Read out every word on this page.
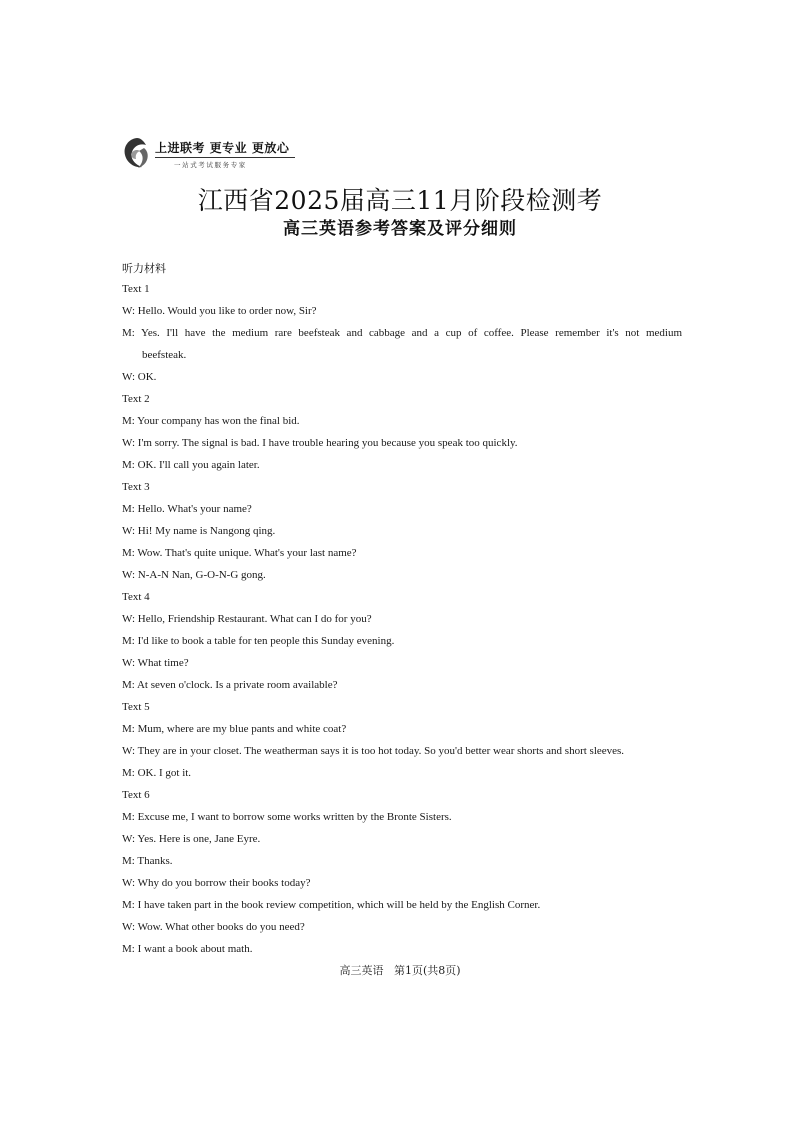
上进联考 更专业 更放心
一站式考试服务专家
江西省2025届高三11月阶段检测考
高三英语参考答案及评分细则
听力材料
Text 1
W: Hello. Would you like to order now, Sir?
M: Yes. I'll have the medium rare beefsteak and cabbage and a cup of coffee. Please remember it's not medium
beefsteak.
W: OK.
Text 2
M: Your company has won the final bid.
W: I'm sorry. The signal is bad. I have trouble hearing you because you speak too quickly.
M: OK. I'll call you again later.
Text 3
M: Hello. What's your name?
W: Hi! My name is Nangong qing.
M: Wow. That's quite unique. What's your last name?
W: N-A-N Nan, G-O-N-G gong.
Text 4
W: Hello, Friendship Restaurant. What can I do for you?
M: I'd like to book a table for ten people this Sunday evening.
W: What time?
M: At seven o'clock. Is a private room available?
Text 5
M: Mum, where are my blue pants and white coat?
W: They are in your closet. The weatherman says it is too hot today. So you'd better wear shorts and short sleeves.
M: OK. I got it.
Text 6
M: Excuse me, I want to borrow some works written by the Bronte Sisters.
W: Yes. Here is one, Jane Eyre.
M: Thanks.
W: Why do you borrow their books today?
M: I have taken part in the book review competition, which will be held by the English Corner.
W: Wow. What other books do you need?
M: I want a book about math.
高三英语   第1页(共8页)
